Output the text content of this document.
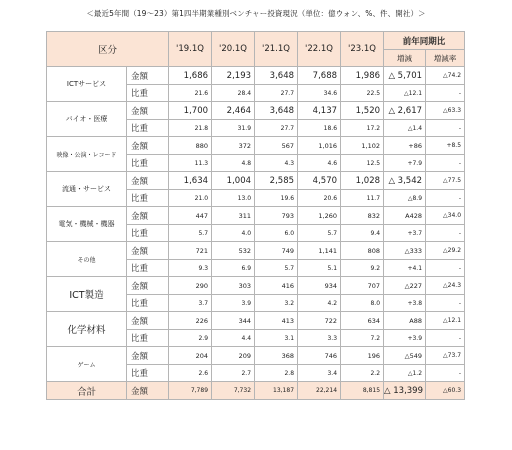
＜最近5年間（19～23）第1四半期業種別ベンチャー投資現況（単位：億ウォン、%、件、開社）＞
区分		'19.1Q	'20.1Q	'21.1Q	'22.1Q	'23.1Q	前年同期比	
							増減	増減率
ICTサービス	金額	1,686	2,193	3,648	7,688	1,986	△ 5,701	△74.2
	比重	21.6	28.4	27.7	34.6	22.5	△12.1	-
バイオ・医療	金額	1,700	2,464	3,648	4,137	1,520	△ 2,617	△63.3
	比重	21.8	31.9	27.7	18.6	17.2	△1.4	-
映像・公演・レコード	金額	880	372	567	1,016	1,102	+86	+8.5
	比重	11.3	4.8	4.3	4.6	12.5	+7.9	-
流通・サービス	金額	1,634	1,004	2,585	4,570	1,028	△ 3,542	△77.5
	比重	21.0	13.0	19.6	20.6	11.7	△8.9	-
電気・機械・機器	金額	447	311	793	1,260	832	A428	△34.0
	比重	5.7	4.0	6.0	5.7	9.4	+3.7	-
その他	金額	721	532	749	1,141	808	△333	△29.2
	比重	9.3	6.9	5.7	5.1	9.2	+4.1	-
ICT製造	金額	290	303	416	934	707	△227	△24.3
	比重	3.7	3.9	3.2	4.2	8.0	+3.8	-
化学材料	金額	226	344	413	722	634	A88	△12.1
	比重	2.9	4.4	3.1	3.3	7.2	+3.9	-
ゲーム	金額	204	209	368	746	196	△549	△73.7
	比重	2.6	2.7	2.8	3.4	2.2	△1.2	-
合計	金額	7,789	7,732	13,187	22,214	8,815	△ 13,399	△60.3
